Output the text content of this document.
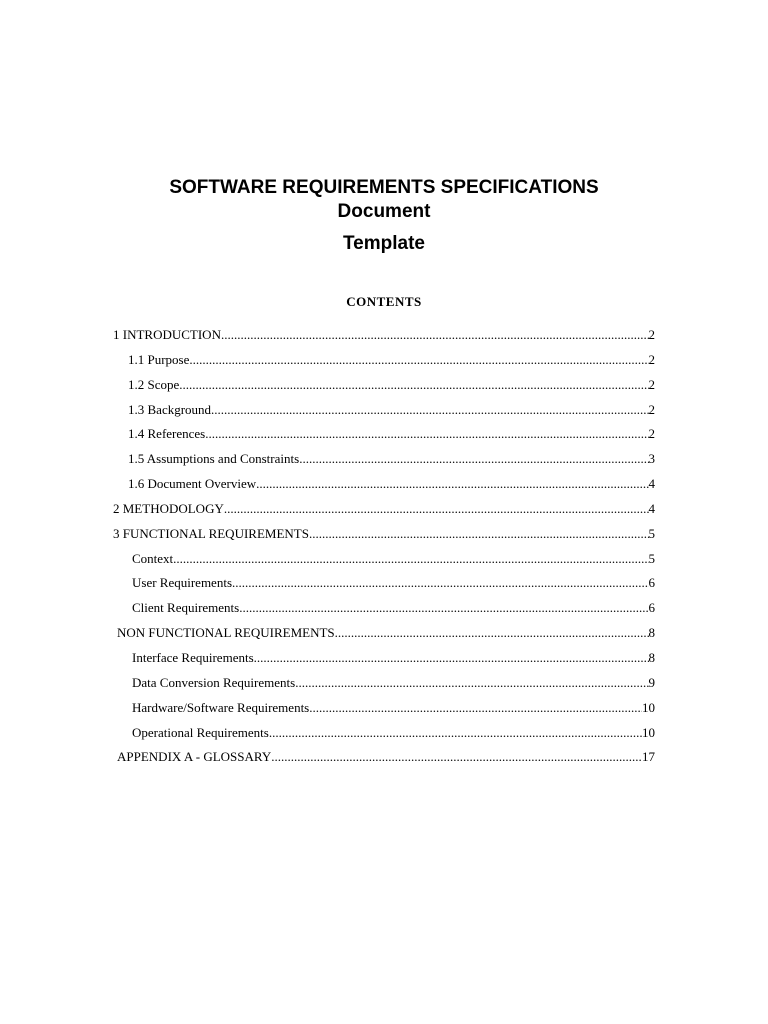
SOFTWARE REQUIREMENTS SPECIFICATIONS
Document
Template
CONTENTS
1 INTRODUCTION .....	2
1.1 Purpose .....	2
1.2 Scope .....	2
1.3 Background .....	2
1.4 References .....	2
1.5 Assumptions and Constraints .....	3
1.6 Document Overview .....	4
2 METHODOLOGY .....	4
3 FUNCTIONAL REQUIREMENTS .....	5
Context .....	5
User Requirements .....	6
Client Requirements .....	6
NON FUNCTIONAL REQUIREMENTS .....	8
Interface Requirements .....	8
Data Conversion Requirements .....	9
Hardware/Software Requirements .....	10
Operational Requirements .....	10
APPENDIX A - GLOSSARY .....	17
